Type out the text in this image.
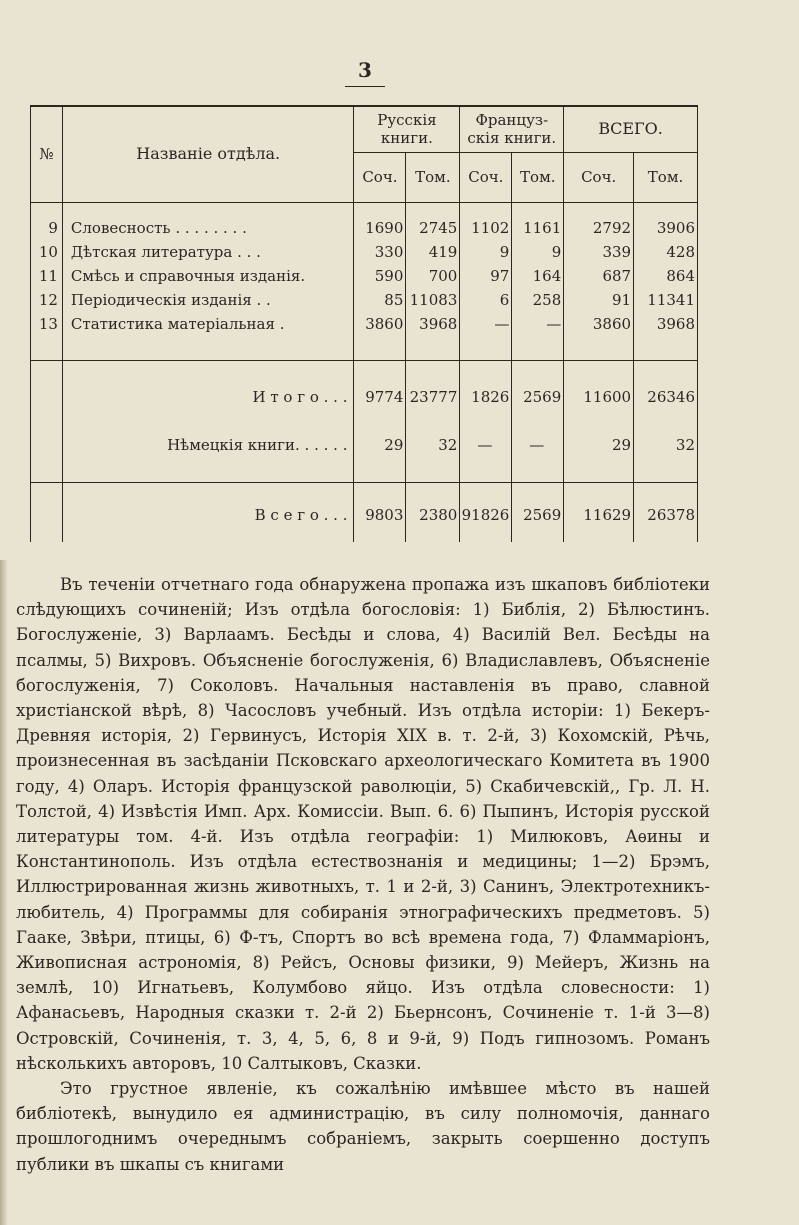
3
№	Названіе отдѣла.	Русскія книги.		Француз-скія книги.		ВСЕГО.	
		Соч.	Том.	Соч.	Том.	Соч.	Том.

9	Словесность . . . . . . . .	1690	2745	1102	1161	2792	3906
10	Дѣтская литература . . .	330	419	9	9	339	428
11	Смѣсь и справочныя изданія.	590	700	97	164	687	864
12	Періодическія изданія . .	85	11083	6	258	91	11341
13	Статистика матеріальная .	3860	3968	—	—	3860	3968

	И т о г о . . .	9774	23777	1826	2569	11600	26346

	Нѣмецкія книги. . . . . .	29	32	—	—	29	32

	В с е г о . . .	9803	2380	91826	2569	11629	26378

Въ теченіи отчетнаго года обнаружена пропажа изъ шкаповъ библіотеки слѣдующихъ сочиненій; Изъ отдѣла богословія: 1) Библія, 2) Бѣлюстинъ. Богослуженіе, 3) Варлаамъ. Бесѣды и слова, 4) Василій Вел. Бесѣды на псалмы, 5) Вихровъ. Объясненіе богослуженія, 6) Владиславлевъ, Объясненіе богослуженія, 7) Соколовъ. Начальныя наставленія въ право, славной христіанской вѣрѣ, 8) Часословъ учебный. Изъ отдѣла исторіи: 1) Бекеръ-Древняя исторія, 2) Гервинусъ, Исторія XIX в. т. 2-й, 3) Кохомскій, Рѣчь, произнесенная въ засѣданіи Псковскаго археологическаго Комитета въ 1900 году, 4) Оларъ. Исторія французской раволюціи, 5) Скабичевскій,, Гр. Л. Н. Толстой, 4) Извѣстія Имп. Арх. Комиссіи. Вып. 6. 6) Пыпинъ, Исторія русской литературы том. 4-й. Изъ отдѣла географіи: 1) Милюковъ, Аѳины и Константинополь. Изъ отдѣла естествознанія и медицины; 1—2) Брэмъ, Иллюстрированная жизнь животныхъ, т. 1 и 2-й, 3) Санинъ, Электротехникъ-любитель, 4) Программы для собиранія этнографическихъ предметовъ. 5) Гааке, Звѣри, птицы, 6) Ф-тъ, Спортъ во всѣ времена года, 7) Фламмаріонъ, Живописная астрономія, 8) Рейсъ, Основы физики, 9) Мейеръ, Жизнь на землѣ, 10) Игнатьевъ, Колумбово яйцо. Изъ отдѣла словесности: 1) Афанасьевъ, Народныя сказки т. 2-й 2) Бьернсонъ, Сочиненіе т. 1-й 3—8) Островскій, Сочиненія, т. 3, 4, 5, 6, 8 и 9-й, 9) Подъ гипнозомъ. Романъ нѣсколькихъ авторовъ, 10 Салтыковъ, Сказки.

Это грустное явленіе, къ сожалѣнію имѣвшее мѣсто въ нашей библіотекѣ, вынудило ея администрацію, въ силу полномочія, даннаго прошлогоднимъ очереднымъ собраніемъ, закрыть соершенно доступъ публики въ шкапы съ книгами
